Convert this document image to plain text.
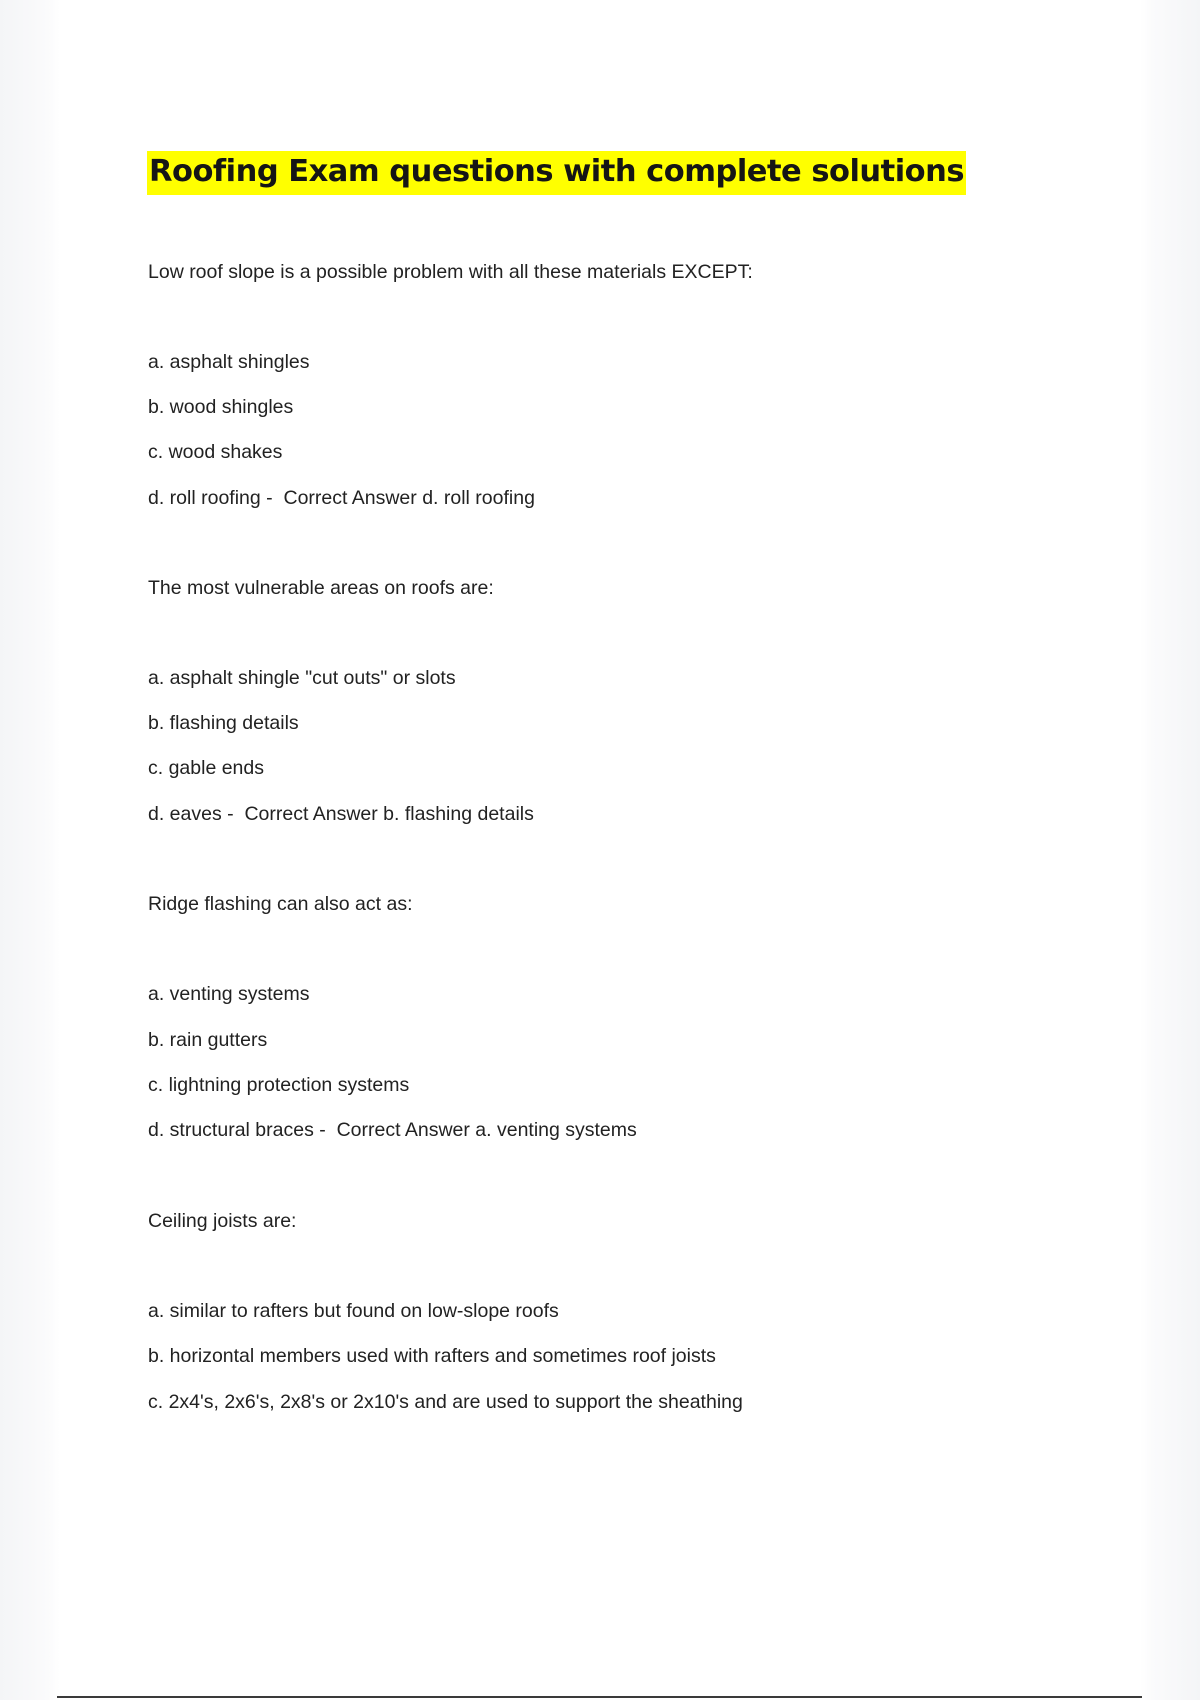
Roofing Exam questions with complete solutions

Low roof slope is a possible problem with all these materials EXCEPT:

a. asphalt shingles

b. wood shingles

c. wood shakes

d. roll roofing -  Correct Answer d. roll roofing

The most vulnerable areas on roofs are:

a. asphalt shingle "cut outs" or slots

b. flashing details

c. gable ends

d. eaves -  Correct Answer b. flashing details

Ridge flashing can also act as:

a. venting systems

b. rain gutters

c. lightning protection systems

d. structural braces -  Correct Answer a. venting systems

Ceiling joists are:

a. similar to rafters but found on low-slope roofs

b. horizontal members used with rafters and sometimes roof joists

c. 2x4's, 2x6's, 2x8's or 2x10's and are used to support the sheathing
